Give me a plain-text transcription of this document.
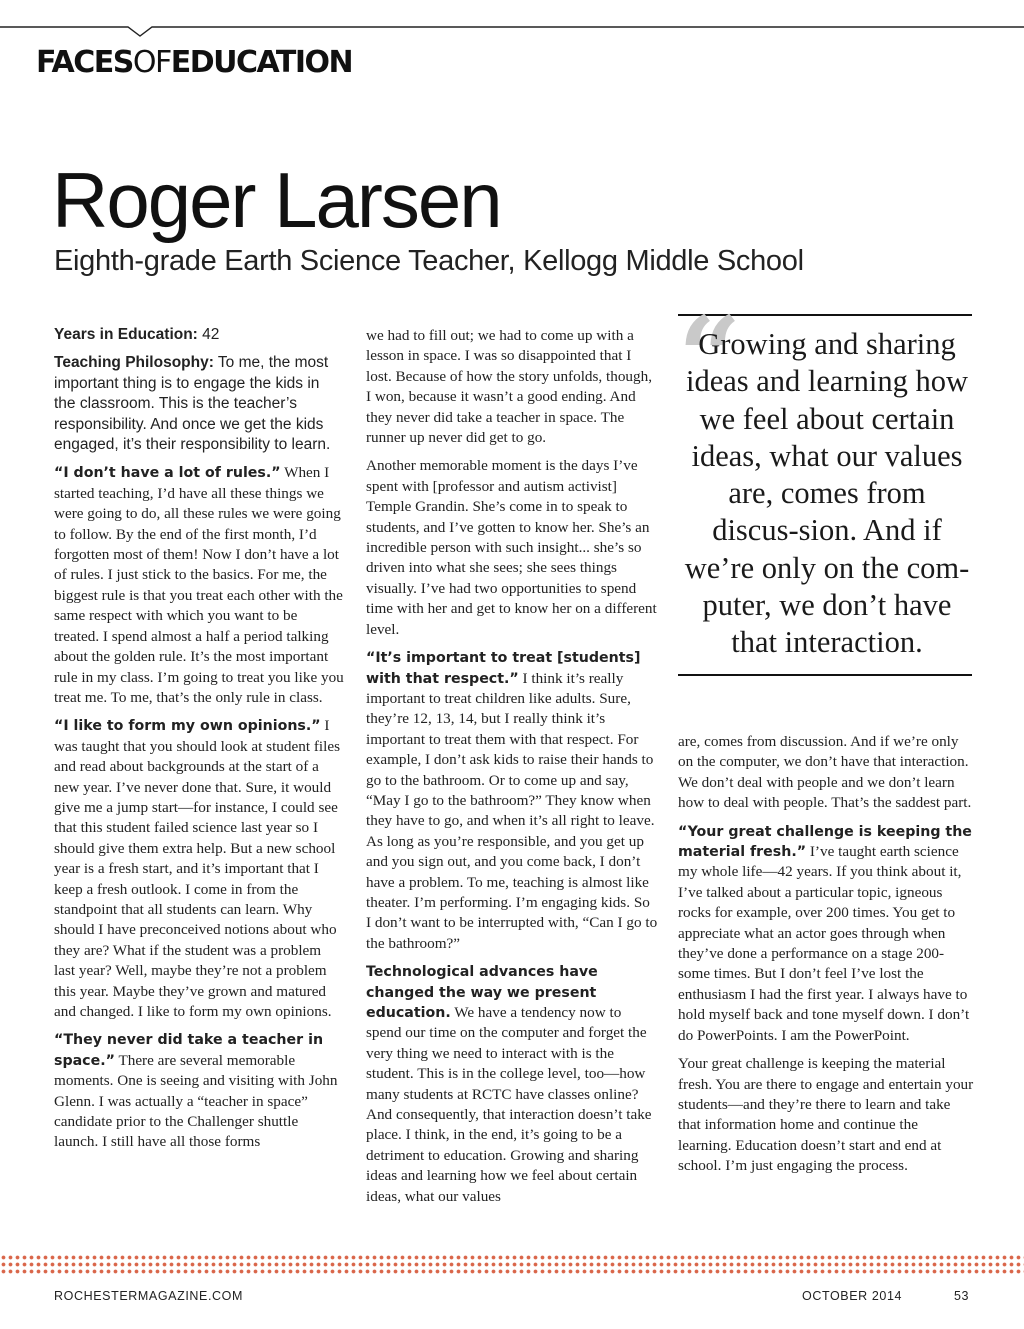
FACESOFEDUCATION
Roger Larsen
Eighth-grade Earth Science Teacher, Kellogg Middle School

Years in Education: 42

Teaching Philosophy: To me, the most important thing is to engage the kids in the classroom. This is the teacher’s responsibility. And once we get the kids engaged, it’s their responsibility to learn.

“I don’t have a lot of rules.” When I started teaching, I’d have all these things we were going to do, all these rules we were going to follow. By the end of the first month, I’d forgotten most of them! Now I don’t have a lot of rules. I just stick to the basics. For me, the biggest rule is that you treat each other with the same respect with which you want to be treated. I spend almost a half a period talking about the golden rule. It’s the most important rule in my class. I’m going to treat you like you treat me. To me, that’s the only rule in class.

“I like to form my own opinions.” I was taught that you should look at student files and read about backgrounds at the start of a new year. I’ve never done that. Sure, it would give me a jump start—for instance, I could see that this student failed science last year so I should give them extra help. But a new school year is a fresh start, and it’s important that I keep a fresh outlook. I come in from the standpoint that all students can learn. Why should I have preconceived notions about who they are? What if the student was a problem last year? Well, maybe they’re not a problem this year. Maybe they’ve grown and matured and changed. I like to form my own opinions.

“They never did take a teacher in space.” There are several memorable moments. One is seeing and visiting with John Glenn. I was actually a “teacher in space” candidate prior to the Challenger shuttle launch. I still have all those forms

we had to fill out; we had to come up with a lesson in space. I was so disappointed that I lost. Because of how the story unfolds, though, I won, because it wasn’t a good ending. And they never did take a teacher in space. The runner up never did get to go.

Another memorable moment is the days I’ve spent with [professor and autism activist] Temple Grandin. She’s come in to speak to students, and I’ve gotten to know her. She’s an incredible person with such insight... she’s so driven into what she sees; she sees things visually. I’ve had two opportunities to spend time with her and get to know her on a different level.

“It’s important to treat [students] with that respect.” I think it’s really important to treat children like adults. Sure, they’re 12, 13, 14, but I really think it’s important to treat them with that respect. For example, I don’t ask kids to raise their hands to go to the bathroom. Or to come up and say, “May I go to the bathroom?” They know when they have to go, and when it’s all right to leave. As long as you’re responsible, and you get up and you sign out, and you come back, I don’t have a problem. To me, teaching is almost like theater. I’m performing. I’m engaging kids. So I don’t want to be interrupted with, “Can I go to the bathroom?”

Technological advances have changed the way we present education. We have a tendency now to spend our time on the computer and forget the very thing we need to interact with is the student. This is in the college level, too—how many students at RCTC have classes online? And consequently, that interaction doesn’t take place. I think, in the end, it’s going to be a detriment to education. Growing and sharing ideas and learning how we feel about certain ideas, what our values

“
Growing and sharing ideas and learning how we feel about certain ideas, what our values are, comes from discus-sion. And if we’re only on the com-puter, we don’t have that interaction.

are, comes from discussion. And if we’re only on the computer, we don’t have that interaction. We don’t deal with people and we don’t learn how to deal with people. That’s the saddest part.

“Your great challenge is keeping the material fresh.” I’ve taught earth science my whole life—42 years. If you think about it, I’ve talked about a particular topic, igneous rocks for example, over 200 times. You get to appreciate what an actor goes through when they’ve done a performance on a stage 200-some times. But I don’t feel I’ve lost the enthusiasm I had the first year. I always have to hold myself back and tone myself down. I don’t do PowerPoints. I am the PowerPoint.

Your great challenge is keeping the material fresh. You are there to engage and entertain your students—and they’re there to learn and take that information home and continue the learning. Education doesn’t start and end at school. I’m just engaging the process.

ROCHESTERMAGAZINE.COM	OCTOBER 2014	53
